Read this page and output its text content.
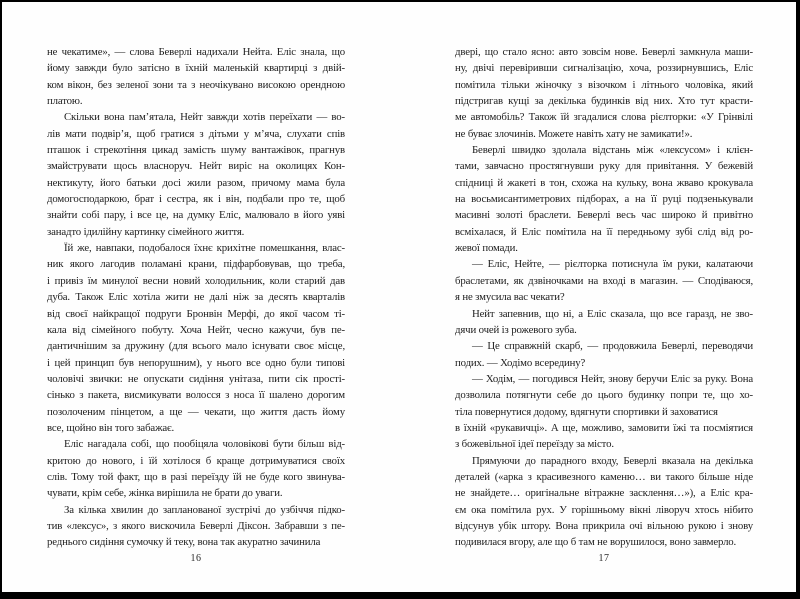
не чекатиме», — слова Беверлі надихали Нейта. Еліс знала, що
йому завжди було затісно в їхній маленькій квартирці з двій-
ком вікон, без зеленої зони та з неочікувано високою орендною
платою.
Скільки вона пам’ятала, Нейт завжди хотів переїхати — во-
лів мати подвір’я, щоб гратися з дітьми у м’яча, слухати спів
пташок і стрекотіння цикад замість шуму вантажівок, прагнув
змайструвати щось власноруч. Нейт виріс на околицях Кон-
нектикуту, його батьки досі жили разом, причому мама була
домогосподаркою, брат і сестра, як і він, подбали про те, щоб
знайти собі пару, і все це, на думку Еліс, малювало в його уяві
занадто ідилійну картинку сімейного життя.
Їй же, навпаки, подобалося їхнє крихітне помешкання, влас-
ник якого лагодив поламані крани, підфарбовував, що треба,
і привіз їм минулої весни новий холодильник, коли старий дав
дуба. Також Еліс хотіла жити не далі ніж за десять кварталів
від своєї найкращої подруги Бронвін Мерфі, до якої часом ті-
кала від сімейного побуту. Хоча Нейт, чесно кажучи, був пе-
дантичнішим за дружину (для всього мало існувати своє місце,
і цей принцип був непорушним), у нього все одно були типові
чоловічі звички: не опускати сидіння унітаза, пити сік прості-
сінько з пакета, висмикувати волосся з носа її шалено дорогим
позолоченим пінцетом, а ще — чекати, що життя дасть йому
все, щойно він того забажає.
Еліс нагадала собі, що пообіцяла чоловікові бути більш від-
критою до нового, і їй хотілося б краще дотримуватися своїх
слів. Тому той факт, що в разі переїзду їй не буде кого звинува-
чувати, крім себе, жінка вирішила не брати до уваги.
За кілька хвилин до запланованої зустрічі до узбіччя підко-
тив «лексус», з якого вискочила Беверлі Діксон. Забравши з пе-
реднього сидіння сумочку й теку, вона так акуратно зачинила
двері, що стало ясно: авто зовсім нове. Беверлі замкнула маши-
ну, двічі перевіривши сигналізацію, хоча, роззирнувшись, Еліс
помітила тільки жіночку з візочком і літнього чоловіка, який
підстригав кущі за декілька будинків від них. Хто тут красти-
ме автомобіль? Також їй згадалися слова рієлторки: «У Грінвілі
не буває злочинів. Можете навіть хату не замикати!».
Беверлі швидко здолала відстань між «лексусом» і клієн-
тами, завчасно простягнувши руку для привітання. У бежевій
спідниці й жакеті в тон, схожа на кульку, вона жваво крокувала
на восьмисантиметрових підборах, а на її руці подзенькували
масивні золоті браслети. Беверлі весь час широко й привітно
всміхалася, й Еліс помітила на її передньому зубі слід від ро-
жевої помади.
— Еліс, Нейте, — рієлторка потиснула їм руки, калатаючи
браслетами, як дзвіночками на вході в магазин. — Сподіваюся,
я не змусила вас чекати?
Нейт запевнив, що ні, а Еліс сказала, що все гаразд, не зво-
дячи очей із рожевого зуба.
— Це справжній скарб, — продовжила Беверлі, переводячи
подих. — Ходімо всередину?
— Ходім, — погодився Нейт, знову беручи Еліс за руку. Вона
дозволила потягнути себе до цього будинку попри те, що хо-
тіла повернутися додому, вдягнути спортивки й заховатися
в їхній «рукавичці». А ще, можливо, замовити їжі та посміятися
з божевільної ідеї переїзду за місто.
Прямуючи до парадного входу, Беверлі вказала на декілька
деталей («арка з красивезного каменю… ви такого більше ніде
не знайдете… оригінальне вітражне засклення…»), а Еліс кра-
єм ока помітила рух. У горішньому вікні ліворуч хтось нібито
відсунув убік штору. Вона прикрила очі вільною рукою і знову
подивилася вгору, але що б там не ворушилося, воно завмерло.
16	17
